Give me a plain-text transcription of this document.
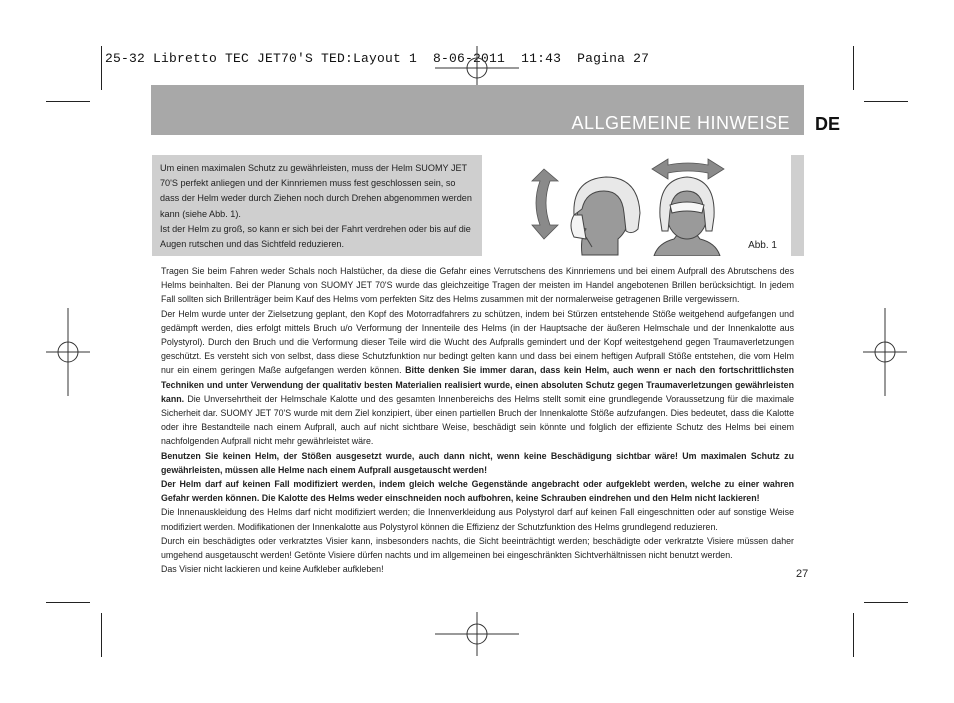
25-32 Libretto TEC JET70'S TED:Layout 1  8-06-2011  11:43  Pagina 27
ALLGEMEINE HINWEISE DE

Um einen maximalen Schutz zu gewährleisten, muss der Helm SUOMY JET 70'S perfekt anliegen und der Kinnriemen muss fest geschlossen sein, so dass der Helm weder durch Ziehen noch durch Drehen abgenommen werden kann (siehe Abb. 1).

Ist der Helm zu groß, so kann er sich bei der Fahrt verdrehen oder bis auf die Augen rutschen und das Sichtfeld reduzieren.	Abb. 1

Tragen Sie beim Fahren weder Schals noch Halstücher, da diese die Gefahr eines Verrutschens des Kinnriemens und bei einem Aufprall des Abrutschens des Helms beinhalten. Bei der Planung von SUOMY JET 70'S wurde das gleichzeitige Tragen der meisten im Handel angebotenen Brillen berücksichtigt. In jedem Fall sollten sich Brillenträger beim Kauf des Helms vom perfekten Sitz des Helms zusammen mit der normalerweise getragenen Brille vergewissern.

Der Helm wurde unter der Zielsetzung geplant, den Kopf des Motorradfahrers zu schützen, indem bei Stürzen entstehende Stöße weitgehend aufgefangen und gedämpft werden, dies erfolgt mittels Bruch u/o Verformung der Innenteile des Helms (in der Hauptsache der äußeren Helmschale und der Innenkalotte aus Polystyrol). Durch den Bruch und die Verformung dieser Teile wird die Wucht des Aufpralls gemindert und der Kopf weitestgehend gegen Traumaverletzungen geschützt. Es versteht sich von selbst, dass diese Schutzfunktion nur bedingt gelten kann und dass bei einem heftigen Aufprall Stöße entstehen, die vom Helm nur ein einem geringen Maße aufgefangen werden können. Bitte denken Sie immer daran, dass kein Helm, auch wenn er nach den fortschrittlichsten Techniken und unter Verwendung der qualitativ besten Materialien realisiert wurde, einen absoluten Schutz gegen Traumaverletzungen gewährleisten kann. Die Unversehrtheit der Helmschale Kalotte und des gesamten Innenbereichs des Helms stellt somit eine grundlegende Voraussetzung für die maximale Sicherheit dar. SUOMY JET 70'S wurde mit dem Ziel konzipiert, über einen partiellen Bruch der Innenkalotte Stöße aufzufangen. Dies bedeutet, dass die Kalotte oder ihre Bestandteile nach einem Aufprall, auch auf nicht sichtbare Weise, beschädigt sein könnte und folglich der effiziente Schutz des Helms bei einem nachfolgenden Aufprall nicht mehr gewährleistet wäre.

Benutzen Sie keinen Helm, der Stößen ausgesetzt wurde, auch dann nicht, wenn keine Beschädigung sichtbar wäre! Um maximalen Schutz zu gewährleisten, müssen alle Helme nach einem Aufprall ausgetauscht werden!

Der Helm darf auf keinen Fall modifiziert werden, indem gleich welche Gegenstände angebracht oder aufgeklebt werden, welche zu einer wahren Gefahr werden können. Die Kalotte des Helms weder einschneiden noch aufbohren, keine Schrauben eindrehen und den Helm nicht lackieren!

Die Innenauskleidung des Helms darf nicht modifiziert werden; die Innenverkleidung aus Polystyrol darf auf keinen Fall eingeschnitten oder auf sonstige Weise modifiziert werden. Modifikationen der Innenkalotte aus Polystyrol können die Effizienz der Schutzfunktion des Helms grundlegend reduzieren.

Durch ein beschädigtes oder verkratztes Visier kann, insbesonders nachts, die Sicht beeinträchtigt werden; beschädigte oder verkratzte Visiere müssen daher umgehend ausgetauscht werden! Getönte Visiere dürfen nachts und im allgemeinen bei eingeschränkten Sichtverhältnissen nicht benutzt werden.

Das Visier nicht lackieren und keine Aufkleber aufkleben!	27
